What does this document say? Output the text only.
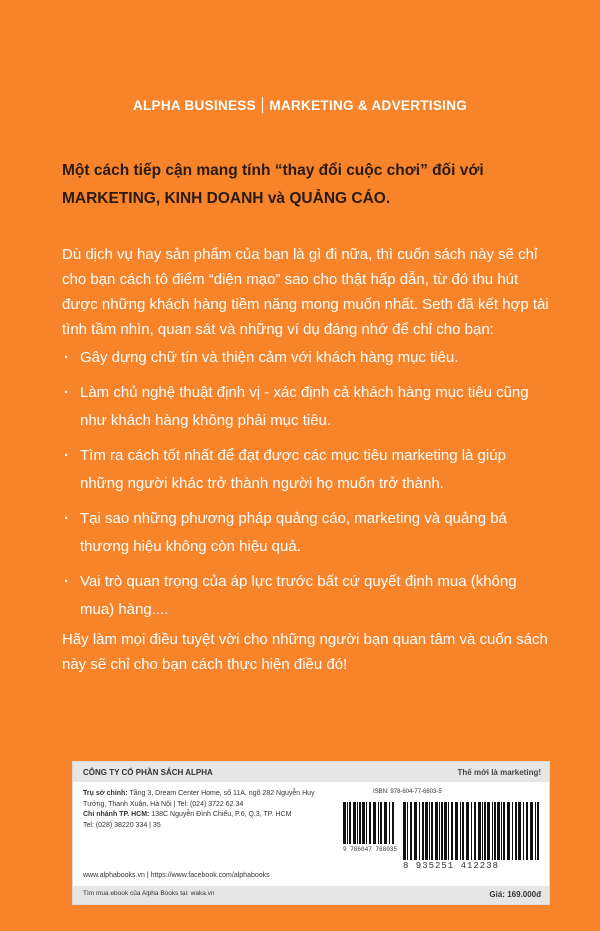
ALPHA BUSINESS MARKETING & ADVERTISING
Một cách tiếp cận mang tính “thay đổi cuộc chơi” đối với
MARKETING, KINH DOANH và QUẢNG CÁO.

Dù dịch vụ hay sản phẩm của bạn là gì đi nữa, thì cuốn sách này sẽ chỉ cho bạn cách tô điểm “diện mạo” sao cho thật hấp dẫn, từ đó thu hút được những khách hàng tiềm năng mong muốn nhất. Seth đã kết hợp tài tình tầm nhìn, quan sát và những ví dụ đáng nhớ để chỉ cho bạn:

· Gây dựng chữ tín và thiện cảm với khách hàng mục tiêu.
· Làm chủ nghệ thuật định vị - xác định cả khách hàng mục tiêu cũng như khách hàng không phải mục tiêu.
· Tìm ra cách tốt nhất để đạt được các mục tiêu marketing là giúp những người khác trở thành người họ muốn trở thành.
· Tại sao những phương pháp quảng cáo, marketing và quảng bá thương hiệu không còn hiệu quả.
· Vai trò quan trọng của áp lực trước bất cứ quyết định mua (không mua) hàng....

Hãy làm mọi điều tuyệt vời cho những người bạn quan tâm và cuốn sách này sẽ chỉ cho bạn cách thực hiện điều đó!

CÔNG TY CỔ PHẦN SÁCH ALPHA	Thế mới là marketing!
Trụ sở chính: Tầng 3, Dream Center Home, số 11A, ngõ 282 Nguyễn Huy Tưởng, Thanh Xuân, Hà Nội | Tel: (024) 3722 62 34
Chi nhánh TP. HCM: 138C Nguyễn Đình Chiểu, P.6, Q.3, TP. HCM
Tel: (028) 38220 334 | 35
ISBN: 978-604-77-6803-5
9 786047 768035
8 935251 412238
www.alphabooks.vn | https://www.facebook.com/alphabooks
Tìm mua ebook của Alpha Books tại: waka.vn	Giá: 169.000đ
